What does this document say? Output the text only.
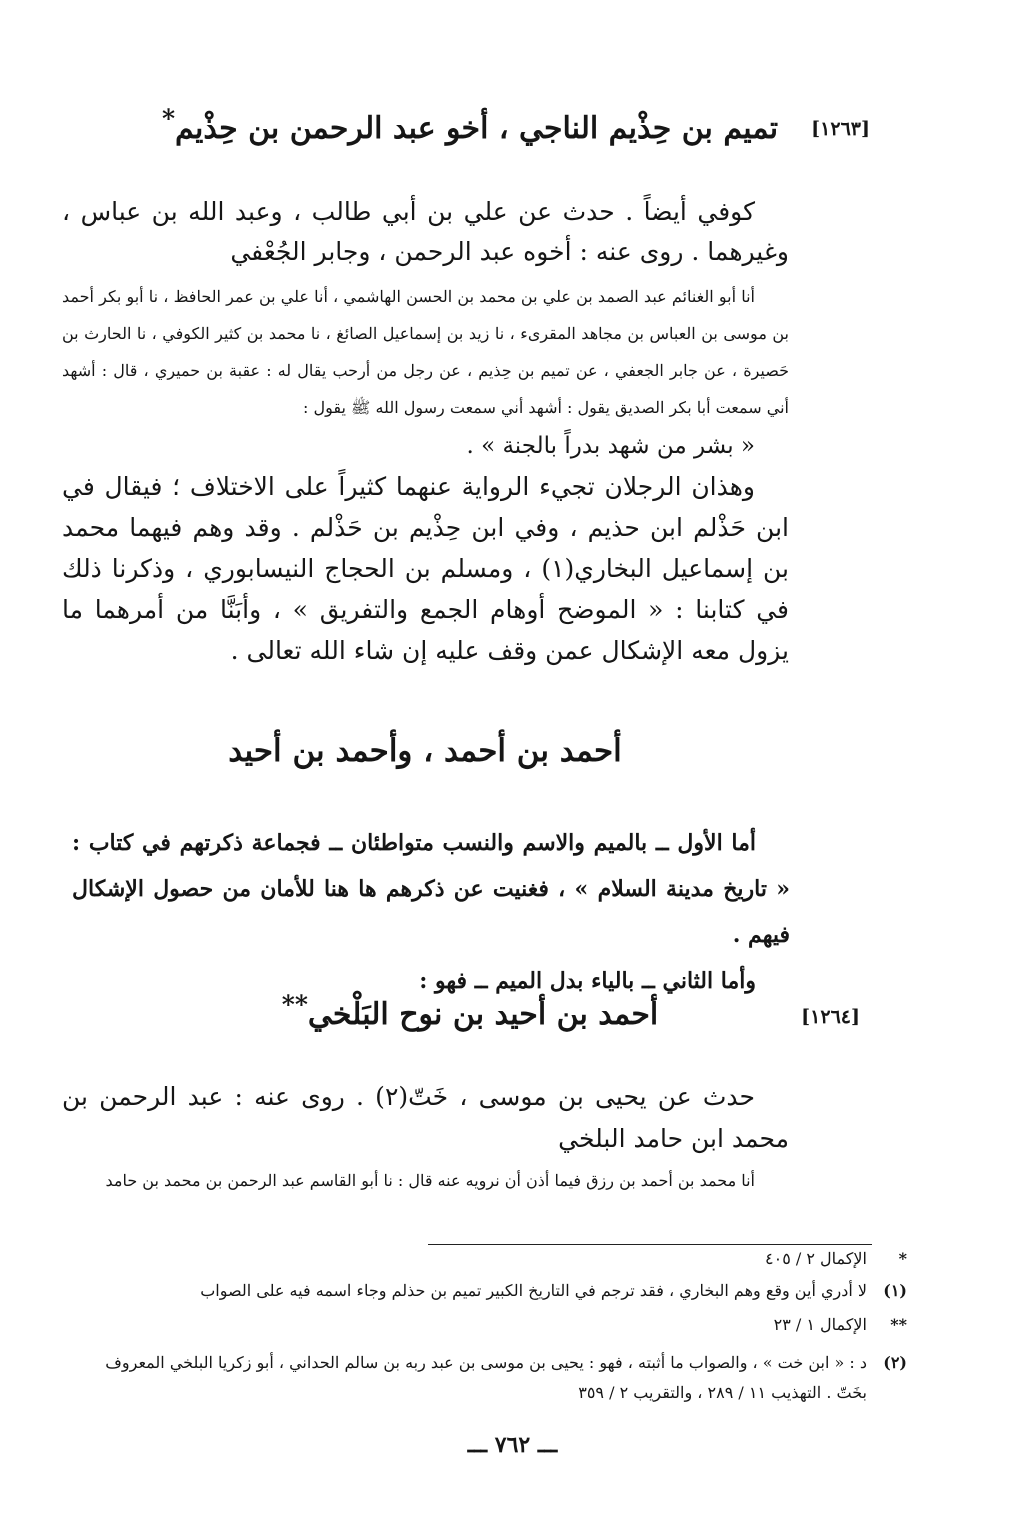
[١٢٦٣]
تميم بن حِذْيم الناجي ، أخو عبد الرحمن بن حِذْيم*

كوفي أيضاً . حدث عن علي بن أبي طالب ، وعبد الله بن عباس ، وغيرهما . روى عنه : أخوه عبد الرحمن ، وجابر الجُعْفي

أنا أبو الغنائم عبد الصمد بن علي بن محمد بن الحسن الهاشمي ، أنا علي بن عمر الحافظ ، نا أبو بكر أحمد بن موسى بن العباس بن مجاهد المقرىء ، نا زيد بن إسماعيل الصائغ ، نا محمد بن كثير الكوفي ، نا الحارث بن حَصيرة ، عن جابر الجعفي ، عن تميم بن حِذيم ، عن رجل من أرحب يقال له : عقبة بن حميري ، قال : أشهد أني سمعت أبا بكر الصديق يقول : أشهد أني سمعت رسول الله ﷺ يقول :

« بشر من شهد بدراً بالجنة » .

وهذان الرجلان تجيء الرواية عنهما كثيراً على الاختلاف ؛ فيقال في ابن حَذْلم ابن حذيم ، وفي ابن حِذْيم بن حَذْلم . وقد وهم فيهما محمد بن إسماعيل البخاري(١) ، ومسلم بن الحجاج النيسابوري ، وذكرنا ذلك في كتابنا : « الموضح أوهام الجمع والتفريق » ، وأبَنَّا من أمرهما ما يزول معه الإشكال عمن وقف عليه إن شاء الله تعالى .

أحمد بن أحمد ، وأحمد بن أحيد

أما الأول ــ بالميم والاسم والنسب متواطئان ــ فجماعة ذكرتهم في كتاب : « تاريخ مدينة السلام » ، فغنيت عن ذكرهم ها هنا للأمان من حصول الإشكال فيهم .

وأما الثاني ــ بالياء بدل الميم ــ فهو :

[١٢٦٤]
أحمد بن أحيد بن نوح البَلْخي**

حدث عن يحيى بن موسى ، خَتّ(٢) . روى عنه : عبد الرحمن بن محمد ابن حامد البلخي

أنا محمد بن أحمد بن رزق فيما أذن أن نرويه عنه قال : نا أبو القاسم عبد الرحمن بن محمد بن حامد

*
الإكمال ٢ / ٤٠٥
(١)
لا أدري أين وقع وهم البخاري ، فقد ترجم في التاريخ الكبير تميم بن حذلم وجاء اسمه فيه على الصواب
**
الإكمال ١ / ٢٣
(٢)
د : « ابن خت » ، والصواب ما أثبته ، فهو : يحيى بن موسى بن عبد ربه بن سالم الحداني ، أبو زكريا البلخي المعروف بخَتّ . التهذيب ١١ / ٢٨٩ ، والتقريب ٢ / ٣٥٩
ـــ ٧٦٢ ـــ
